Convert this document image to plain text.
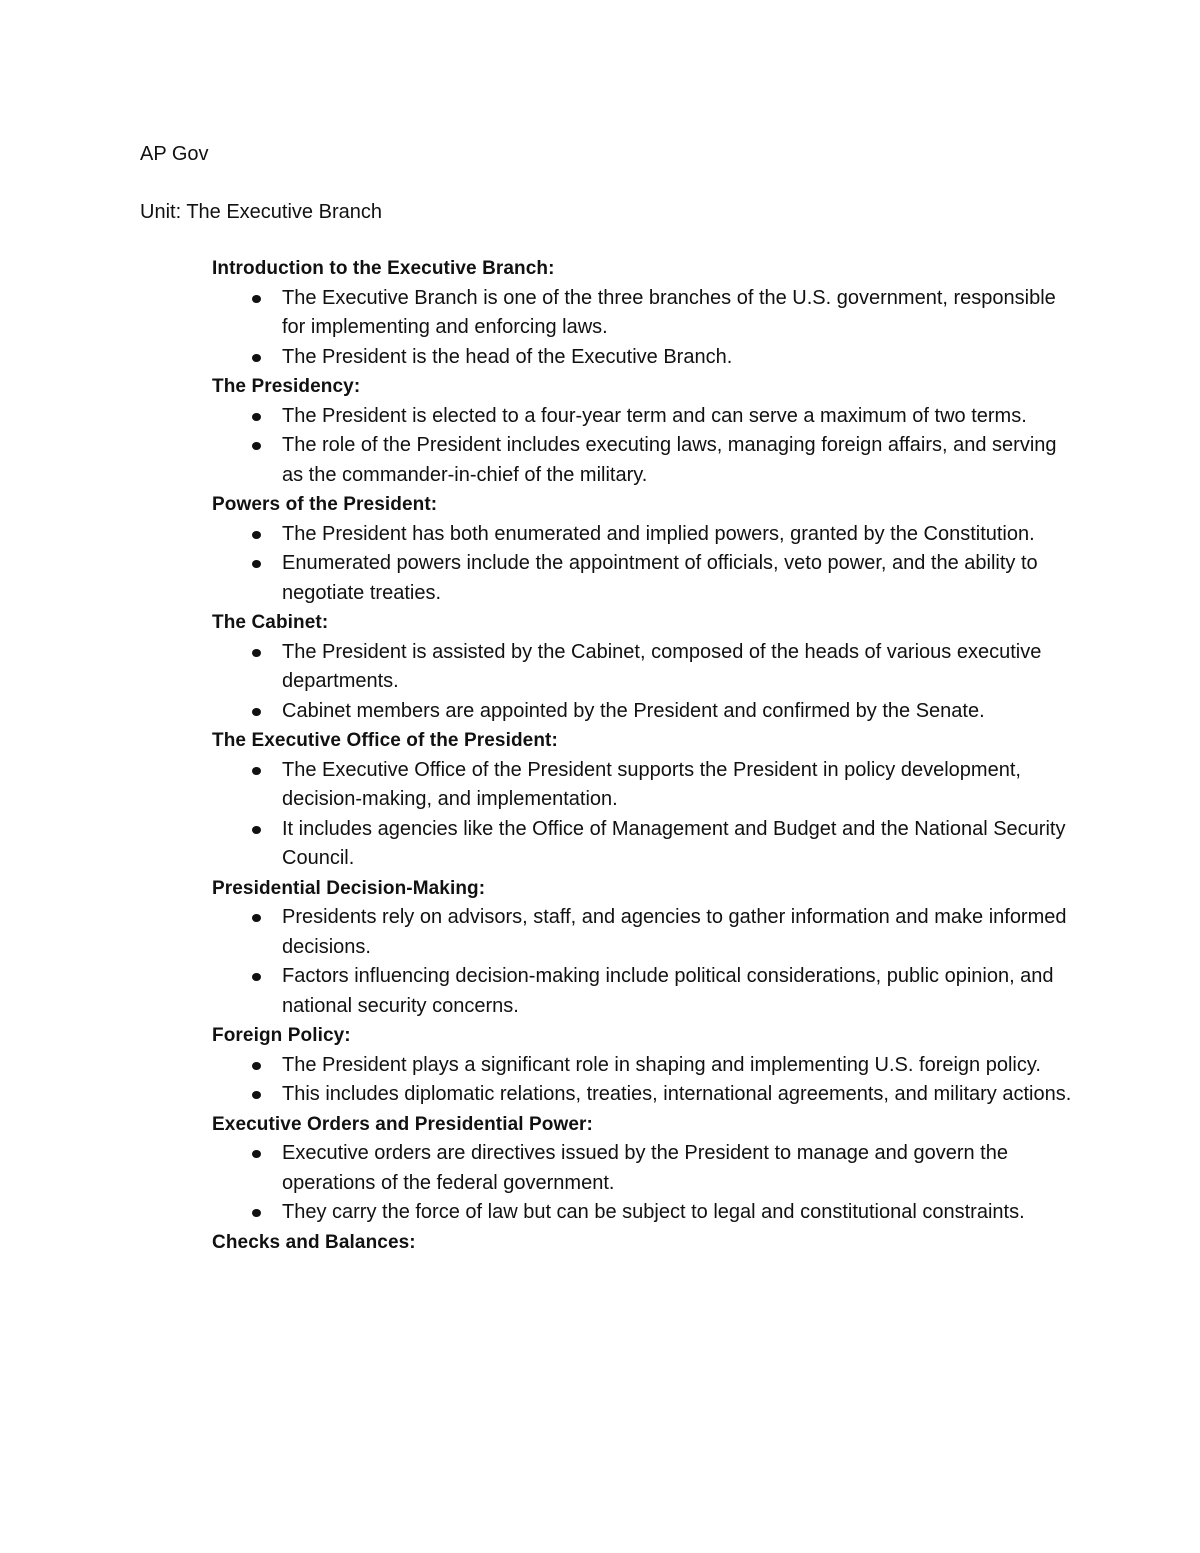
AP Gov

Unit: The Executive Branch

Introduction to the Executive Branch:
The Executive Branch is one of the three branches of the U.S. government, responsible for implementing and enforcing laws.
The President is the head of the Executive Branch.
The Presidency:
The President is elected to a four-year term and can serve a maximum of two terms.
The role of the President includes executing laws, managing foreign affairs, and serving as the commander-in-chief of the military.
Powers of the President:
The President has both enumerated and implied powers, granted by the Constitution.
Enumerated powers include the appointment of officials, veto power, and the ability to negotiate treaties.
The Cabinet:
The President is assisted by the Cabinet, composed of the heads of various executive departments.
Cabinet members are appointed by the President and confirmed by the Senate.
The Executive Office of the President:
The Executive Office of the President supports the President in policy development, decision-making, and implementation.
It includes agencies like the Office of Management and Budget and the National Security Council.
Presidential Decision-Making:
Presidents rely on advisors, staff, and agencies to gather information and make informed decisions.
Factors influencing decision-making include political considerations, public opinion, and national security concerns.
Foreign Policy:
The President plays a significant role in shaping and implementing U.S. foreign policy.
This includes diplomatic relations, treaties, international agreements, and military actions.
Executive Orders and Presidential Power:
Executive orders are directives issued by the President to manage and govern the operations of the federal government.
They carry the force of law but can be subject to legal and constitutional constraints.
Checks and Balances:
